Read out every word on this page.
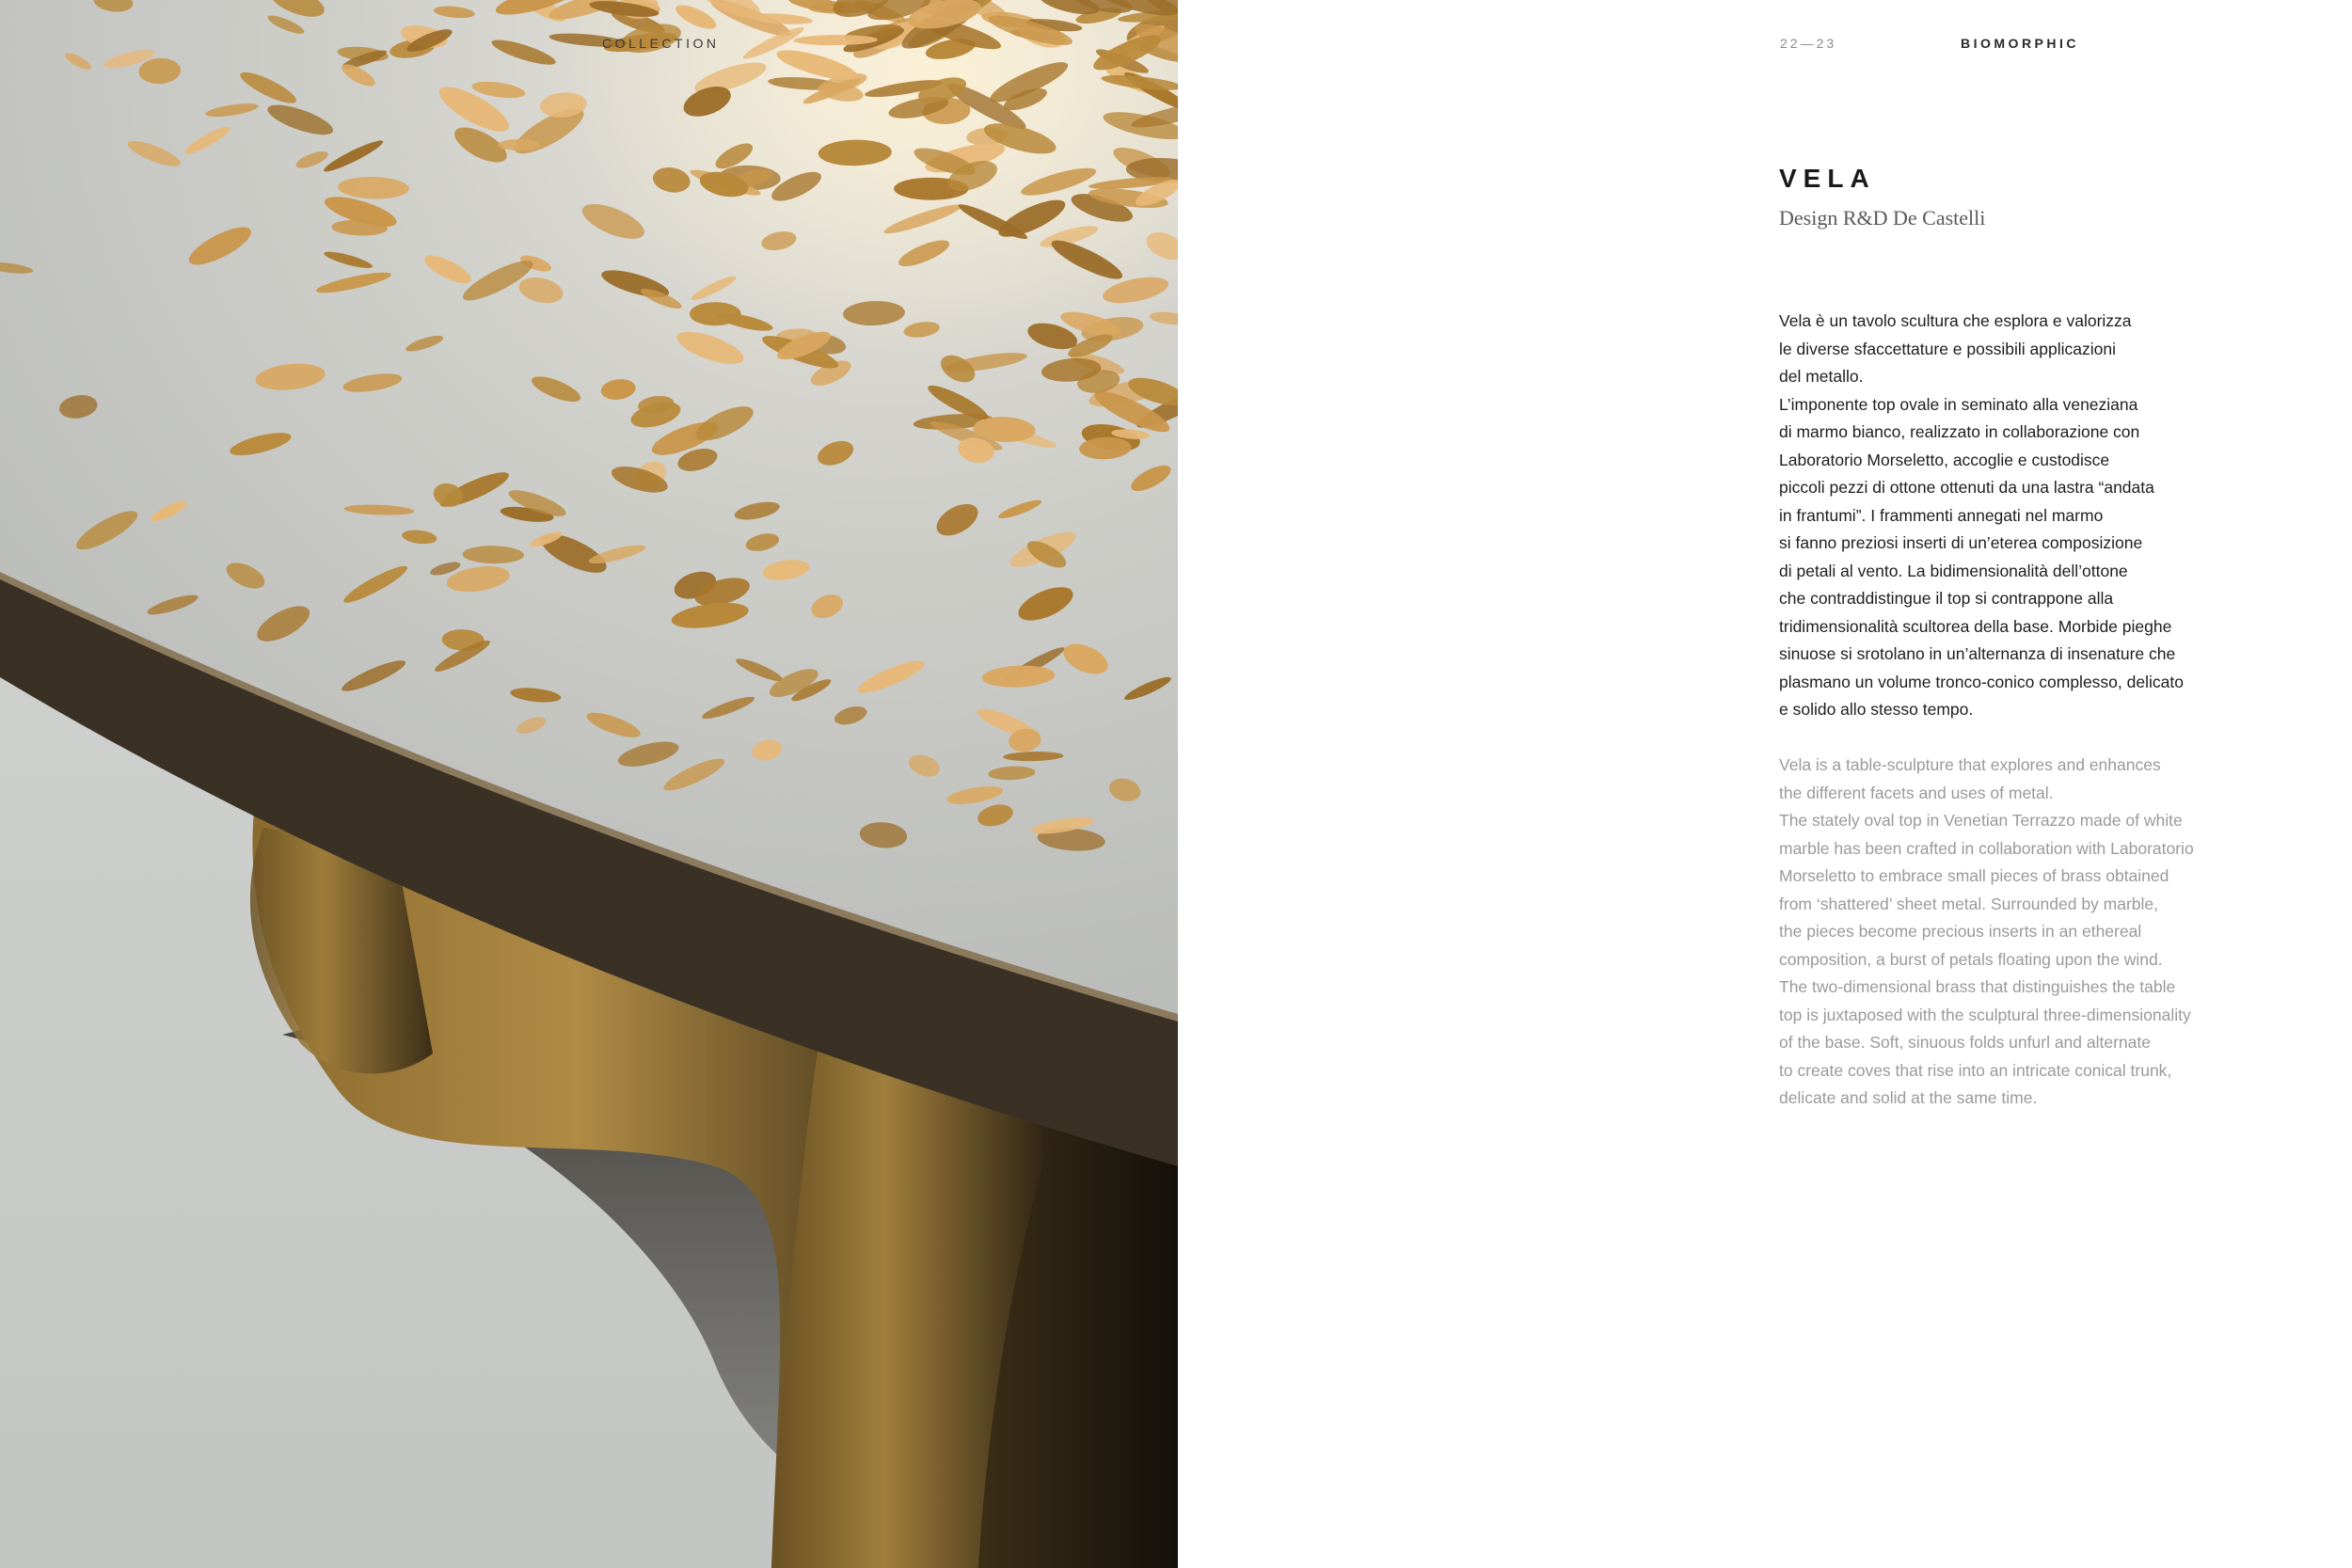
COLLECTION	22—23	BIOMORPHIC
VELA
Design R&D De Castelli
Vela è un tavolo scultura che esplora e valorizza
le diverse sfaccettature e possibili applicazioni
del metallo.
L’imponente top ovale in seminato alla veneziana
di marmo bianco, realizzato in collaborazione con
Laboratorio Morseletto, accoglie e custodisce
piccoli pezzi di ottone ottenuti da una lastra “andata
in frantumi”. I frammenti annegati nel marmo
si fanno preziosi inserti di un’eterea composizione
di petali al vento. La bidimensionalità dell’ottone
che contraddistingue il top si contrappone alla
tridimensionalità scultorea della base. Morbide pieghe
sinuose si srotolano in un’alternanza di insenature che
plasmano un volume tronco-conico complesso, delicato
e solido allo stesso tempo.
Vela is a table-sculpture that explores and enhances
the different facets and uses of metal.
The stately oval top in Venetian Terrazzo made of white
marble has been crafted in collaboration with Laboratorio
Morseletto to embrace small pieces of brass obtained
from ‘shattered’ sheet metal. Surrounded by marble,
the pieces become precious inserts in an ethereal
composition, a burst of petals floating upon the wind.
The two-dimensional brass that distinguishes the table
top is juxtaposed with the sculptural three-dimensionality
of the base. Soft, sinuous folds unfurl and alternate
to create coves that rise into an intricate conical trunk,
delicate and solid at the same time.
